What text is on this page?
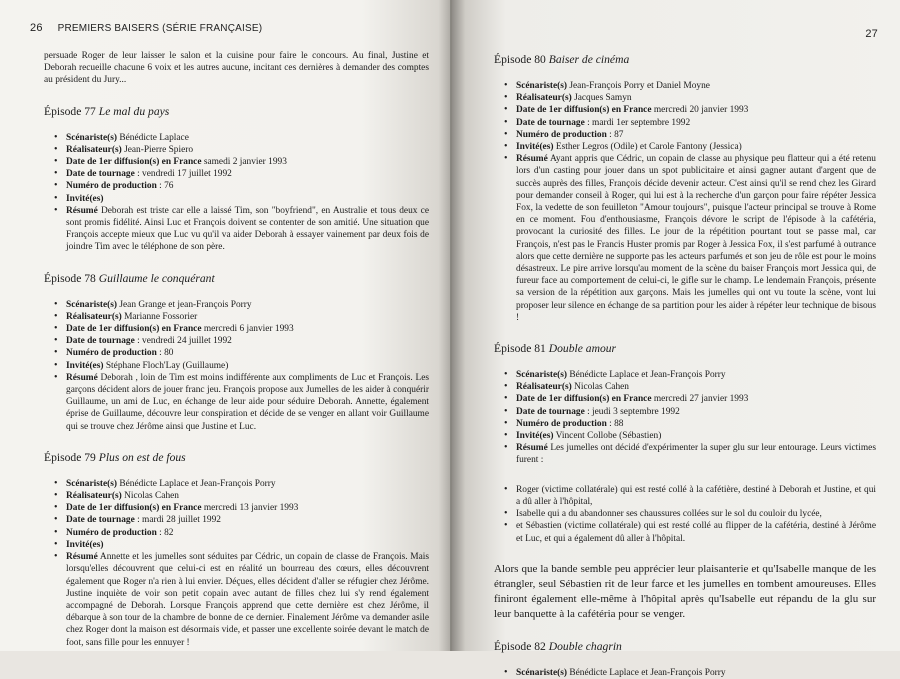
26 PREMIERS BAISERS (SÉRIE FRANÇAISE)

persuade Roger de leur laisser le salon et la cuisine pour faire le concours. Au final, Justine et Deborah recueille chacune 6 voix et les autres aucune, incitant ces dernières à demander des comptes au président du Jury...

Épisode 77 Le mal du pays
• Scénariste(s) Bénédicte Laplace
• Réalisateur(s) Jean-Pierre Spiero
• Date de 1er diffusion(s) en France samedi 2 janvier 1993
• Date de tournage : vendredi 17 juillet 1992
• Numéro de production : 76
• Invité(es)
• Résumé Deborah est triste car elle a laissé Tim, son "boyfriend", en Australie et tous deux ce sont promis fidélité. Ainsi Luc et François doivent se contenter de son amitié. Une situation que François accepte mieux que Luc vu qu'il va aider Deborah à essayer vainement par deux fois de joindre Tim avec le téléphone de son père.
Épisode 78 Guillaume le conquérant
• Scénariste(s) Jean Grange et jean-François Porry
• Réalisateur(s) Marianne Fossorier
• Date de 1er diffusion(s) en France mercredi 6 janvier 1993
• Date de tournage : vendredi 24 juillet 1992
• Numéro de production : 80
• Invité(es) Stéphane Floch'Lay (Guillaume)
• Résumé Deborah , loin de Tim est moins indifférente aux compliments de Luc et François. Les garçons décident alors de jouer franc jeu. François propose aux Jumelles de les aider à conquérir Guillaume, un ami de Luc, en échange de leur aide pour séduire Deborah. Annette, également éprise de Guillaume, découvre leur conspiration et décide de se venger en allant voir Guillaume qui se trouve chez Jérôme ainsi que Justine et Luc.
Épisode 79 Plus on est de fous
• Scénariste(s) Bénédicte Laplace et Jean-François Porry
• Réalisateur(s) Nicolas Cahen
• Date de 1er diffusion(s) en France mercredi 13 janvier 1993
• Date de tournage : mardi 28 juillet 1992
• Numéro de production : 82
• Invité(es)
• Résumé Annette et les jumelles sont séduites par Cédric, un copain de classe de François. Mais lorsqu'elles découvrent que celui-ci est en réalité un bourreau des cœurs, elles découvrent également que Roger n'a rien à lui envier. Déçues, elles décident d'aller se réfugier chez Jérôme. Justine inquiète de voir son petit copain avec autant de filles chez lui s'y rend également accompagné de Deborah. Lorsque François apprend que cette dernière est chez Jérôme, il débarque à son tour de la chambre de bonne de ce dernier. Finalement Jérôme va demander asile chez Roger dont la maison est désormais vide, et passer une excellente soirée devant le match de foot, sans fille pour les ennuyer !
27
Épisode 80 Baiser de cinéma
• Scénariste(s) Jean-François Porry et Daniel Moyne
• Réalisateur(s) Jacques Samyn
• Date de 1er diffusion(s) en France mercredi 20 janvier 1993
• Date de tournage : mardi 1er septembre 1992
• Numéro de production : 87
• Invité(es) Esther Legros (Odile) et Carole Fantony (Jessica)
• Résumé Ayant appris que Cédric, un copain de classe au physique peu flatteur qui a été retenu lors d'un casting pour jouer dans un spot publicitaire et ainsi gagner autant d'argent que de succès auprès des filles, François décide devenir acteur. C'est ainsi qu'il se rend chez les Girard pour demander conseil à Roger, qui lui est à la recherche d'un garçon pour faire répéter Jessica Fox, la vedette de son feuilleton "Amour toujours", puisque l'acteur principal se trouve à Rome en ce moment. Fou d'enthousiasme, François dévore le script de l'épisode à la cafétéria, provocant la curiosité des filles. Le jour de la répétition pourtant tout se passe mal, car François, n'est pas le Francis Huster promis par Roger à Jessica Fox, il s'est parfumé à outrance alors que cette dernière ne supporte pas les acteurs parfumés et son jeu de rôle est pour le moins désastreux. Le pire arrive lorsqu'au moment de la scène du baiser François mort Jessica qui, de fureur face au comportement de celui-ci, le gifle sur le champ. Le lendemain François, présente sa version de la répétition aux garçons. Mais les jumelles qui ont vu toute la scène, vont lui proposer leur silence en échange de sa partition pour les aider à répéter leur technique de bisous !
Épisode 81 Double amour
• Scénariste(s) Bénédicte Laplace et Jean-François Porry
• Réalisateur(s) Nicolas Cahen
• Date de 1er diffusion(s) en France mercredi 27 janvier 1993
• Date de tournage : jeudi 3 septembre 1992
• Numéro de production : 88
• Invité(es) Vincent Collobe (Sébastien)
• Résumé Les jumelles ont décidé d'expérimenter la super glu sur leur entourage. Leurs victimes furent :
• Roger (victime collatérale) qui est resté collé à la cafétière, destiné à Deborah et Justine, et qui a dû aller à l'hôpital,
• Isabelle qui a du abandonner ses chaussures collées sur le sol du couloir du lycée,
• et Sébastien (victime collatérale) qui est resté collé au flipper de la cafétéria, destiné à Jérôme et Luc, et qui a également dû aller à l'hôpital.

Alors que la bande semble peu apprécier leur plaisanterie et qu'Isabelle manque de les étrangler, seul Sébastien rit de leur farce et les jumelles en tombent amoureuses. Elles finiront également elle-même à l'hôpital après qu'Isabelle eut répandu de la glu sur leur banquette à la cafétéria pour se venger.

Épisode 82 Double chagrin
• Scénariste(s) Bénédicte Laplace et Jean-François Porry
